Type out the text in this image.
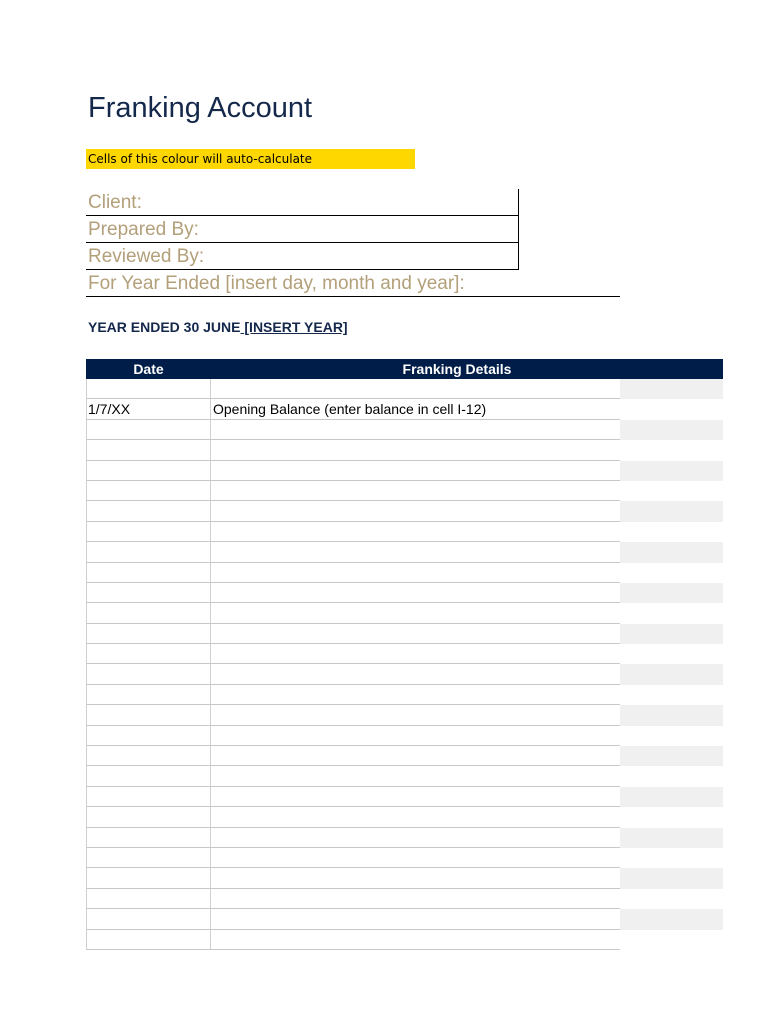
Franking Account
Cells of this colour will auto-calculate
Client:
Prepared By:
Reviewed By:
For Year Ended [insert day, month and year]:
YEAR ENDED 30 JUNE [INSERT YEAR]
Date	Franking Details
1/7/XX	Opening Balance (enter balance in cell I-12)
